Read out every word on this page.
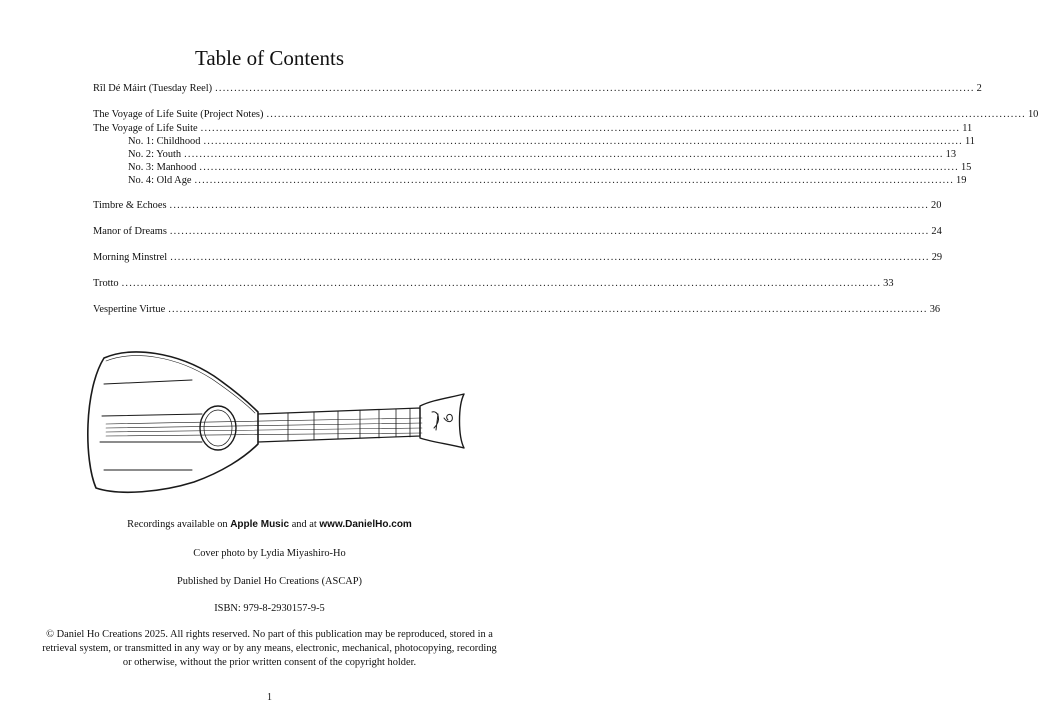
Table of Contents
Rîl Dé Máirt (Tuesday Reel) ........................................................................................................................................................................................................ 2
The Voyage of Life Suite (Project Notes) ........................................................................................................................................................................................................ 10
The Voyage of Life Suite ........................................................................................................................................................................................................ 11
No. 1: Childhood ........................................................................................................................................................................................................ 11
No. 2: Youth ........................................................................................................................................................................................................ 13
No. 3: Manhood ........................................................................................................................................................................................................ 15
No. 4: Old Age ........................................................................................................................................................................................................ 19
Timbre & Echoes ........................................................................................................................................................................................................ 20
Manor of Dreams ........................................................................................................................................................................................................ 24
Morning Minstrel ........................................................................................................................................................................................................ 29
Trotto ........................................................................................................................................................................................................ 33
Vespertine Virtue ........................................................................................................................................................................................................ 36
Recordings available on Apple Music and at www.DanielHo.com
Cover photo by Lydia Miyashiro-Ho
Published by Daniel Ho Creations (ASCAP)
ISBN: 979-8-2930157-9-5
© Daniel Ho Creations 2025. All rights reserved. No part of this publication may be reproduced, stored in a retrieval system, or transmitted in any way or by any means, electronic, mechanical, photocopying, recording or otherwise, without the prior written consent of the copyright holder.
1
